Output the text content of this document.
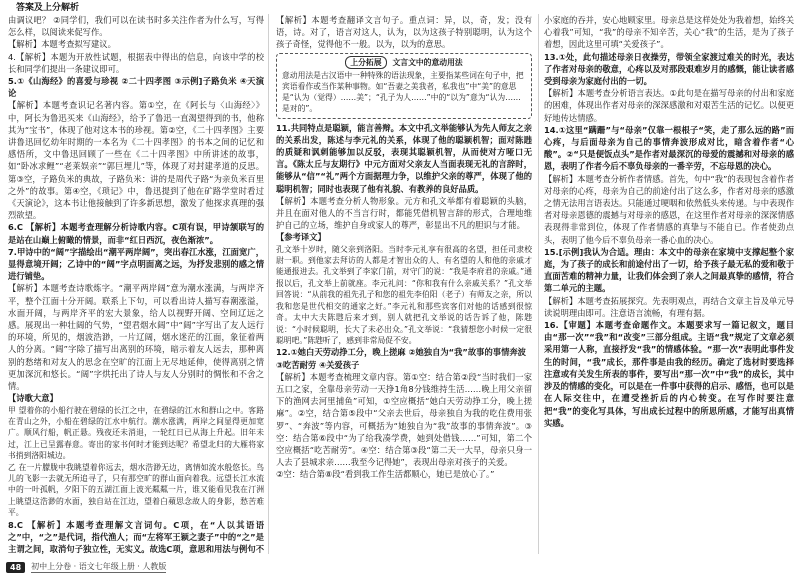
答案及上分解析

由调议吧？ ②同学们，我们可以在读书时多关注作者为什么写，写得怎么样，以阅读来促写作。

【解析】本题考查拟写建议。

4.【解析】本题为开放性试题，根据表中得出的信息，向该中学的校长和同学们提出一条建议即可。

5.①《山海经》的喜爱与珍视 ②二十四孝图 ③示例]子路负米 ④天演论

【解析】本题考查识记名著内容。第①空，在《阿长与〈山海经〉》中，阿长为鲁迅买来《山海经》，给予了鲁迅一直渴望得到的书，他称其为“宝书”，体现了他对这本书的珍视。第②空，《二十四孝图》主要讲鲁迅回忆幼年时期的一本名为《二十四孝图》的书本之间的记忆和感悟所，文中鲁迅回顾了一些在《二十四孝图》中所讲述的故事，如“卧冰求鲤”“老莱娱亲”“郭巨埋儿”等，体现了对封建孝道的反思。第③空，子路负米的典故，子路负米：讲的是周代子路“为亲负米百里之外”的故事。第④空，《琐记》中，鲁迅提到了他在矿路学堂时看过《天演论》，这本书让他接触到了许多新思想，激发了他探求真理的强烈欲望。

6.C 【解析】本题考查理解分析诗歌内容。C项有误，甲诗颔联写的是站在山巅上俯瞰的情景，而非“红日西沉，夜色渐浓”。

7.甲诗中的“阔”字描绘出“潮平两岸阔”，突出春江水涨，江面宽广，显得意境开阔；乙诗中的“阔”字点明面离之远，为抒发悲别的感之情进行铺垫。

【解析】本题考查诗歌炼字。“潮平两岸阔”意为潮水涨满，与两岸齐平，整个江面十分开阔。联系上下句，可以看出诗人描写春潮涨溢，水面开阔，与两岸齐平的宏大景象，给人以视野开阔、空间辽远之感。展现出一种壮阔的气势，“望君烟水阔”中“阔”字写出了友人远行的环境，所见的，烟波浩渺，一片辽阔，烟水迷茫的江面，象征着两人的分离。“阔”字除了描写出离别的环境，暗示着友人远去，那种离别的愁绪和对友人的思念在空旷的江面上无尽地延伸，使得离别之情更加深沉和悠长。“阔”字烘托出了诗人与友人分别时的惆怅和不舍之情。

【诗歌大意】

甲 望着你的小船行驶在碧绿的长江之中，在碧绿的江水和群山之中。客路在青山之外，小船在碧绿的江水中航行。潮水涨满，两岸之间显得更加宽广。顺风行船，帆正悬。残夜还未消退，一轮红日已从海上升起。旧年未过，江上已呈露春意。寄出的家书何时才能到达呢？希望北归的大雁将家书捎到洛阳城边。

乙 在一片朦胧中我眺望着你远去，烟水浩渺无边，离情如流水般悠长。鸟儿的飞影一去就无所追寻了，只有那空旷的群山面向着我。远望长江水流中的一叶孤帆，夕阳下的五湖江面上波光粼粼一片，谁又能看见我在汀洲上眺望这浩渺的水面，独自站在江边，望着白蘋思念故人的身影，愁苦难平。

8.C 【解析】本题考查理解文言词句。C项，在“人以其语语之”中，“之”是代词，指代渔人；而“左将军王颖之妻子”中的“之”是主谓之间，取消句子独立性，无实义。故选C项，意思和用法与例句不

【解析】本题考查翻译文言句子。重点词：异，以，奇，发；没有语，诗。对了，语言对这人，认为，以为这孩子特别聪明，认为这个孩子奇怪，觉得他不一般。以为，以为的意思。

上分拓展 文言文中的意动用法
意动用法是古汉语中一种特殊的语法现象，主要指某些词在句子中，把宾语看作或当作某种事物。如“吾妻之美我者，私我也”中“美”的意思是“认为（觉得）……美”；“孔子为人……”中的“以为”意为“认为……是对的”。

11.共同特点是聪颖，能言善辩。本文中孔文举能够认为先人师友之亲的关系出发，陈述与李元礼的关系，体现了他的聪颖机智；面对陈韪的质疑和讽刺能够加以反驳，表现其聪颖机智，从而使对方哑口无言。《陈太丘与友期行》中元方面对父亲友人当面表现无礼的言辞时，能够从“信”“礼”两个方面据理力争，以维护父亲的尊严，体现了他的聪明机智；同时也表现了他有礼貌、有教养的良好品质。

【解析】本题考查分析人物形象。元方和孔文举都有着聪颖的头脑，并且在面对他人的不当言行时，都能凭借机智言辞的形式，合理地维护自己的立场，维护自身或家人的尊严，彰显出不凡的胆识与才能。

【参考译文】

孔文举十岁时，随父亲到洛阳。当时李元礼享有很高的名望，担任司隶校尉一职。到他家去拜访的人都是才智出众的人、有名望的人和他的亲戚才能通报进去。孔文举到了李家门前，对守门的说：“我是李府君的亲戚。”通报以后，孔文举上前就座。李元礼问：“你和我有什么亲戚关系？”孔文举回答说：“从前我的祖先孔子和您的祖先李伯阳（老子）有师友之亲，所以我和您是世代相交的通家之好。”李元礼和那些宾客们对他的话感到很惊奇。太中大夫陈韪后来才到，别人就把孔文举说的话告诉了他，陈韪说：“小时候聪明，长大了未必出众。”孔文举说：“我猜想您小时候一定很聪明吧。”陈韪听了，感到非常局促不安。

12.①她白天劳动挣工分，晚上搓麻 ②她独自为“我”故事的事情奔波

③吃苦耐劳 ④关爱孩子

【解析】本题考查梳理文章内容。第①空：结合第②段“当时我们一家五口之家，全靠母亲劳动一天挣1角8分钱维持生活……晚上用父亲留下的渔网去河里捕鱼”可知，①空应概括“她白天劳动挣工分，晚上搓麻”。②空，结合第⑤段中“父亲去世后，母亲独自为我的吃住费用张罗”、“奔波”等内容，可概括为“她独自为“我”故事的事情奔波”。③空：结合第⑥段中“为了给我凑学费，她到处借钱……”可知，第二个空应概括“吃苦耐劳”。④空：结合第③段“第二天一大早，母亲只身一人去了县城求亲……我至今记得她”，表现出母亲对孩子的关爱。

②空：结合第⑧段“看到我工作生活都顺心，她已是放心了。”

小家庭的吞并，安心地顾家里。母亲总是这样处处为我着想，始终关心着我”可知，“我”的母亲不知辛苦，关心“我”的生活，是为了孩子着想，因此这里可填“关爱孩子”。

13.①处，此句描述母亲日夜操劳，带领全家渡过难关的时光，表达了作者对母亲的敬意，心疼以及对那段艰难岁月的感慨，能让读者感受到母亲为家庭付出的一切。

【解析】本题考查分析语言表达。①此句是在描写母亲的付出和家庭的困难，体现出作者对母亲的深深感激和对艰苦生活的记忆。以便更好地传达情感。

14.①这里“蹒跚”与“母亲”仅靠一根根子“笑，走了那么远的路”而心疼，与后面母亲为自己的事情奔波形成对比，暗含着作者“心酸”。②“只是便饭点头”是作者对最深沉的母爱的震撼和对母亲的感恩，表明了作者今后不辜负母亲的一番辛劳，不忘母恩的决心。

【解析】本题考查分析作者情感。首先，句中“我”的表现包含着作者对母亲的心疼，母亲为自己的前途付出了这么多，作者对母亲的感激之情无法用言语表达。只能通过哽咽和依然低头来传递。与中表现作者对母亲恩德的震撼与对母亲的感恩，在这里作者对母亲的深深情感表现得非常到位，体现了作者情感的真挚与不能自已。作者使劲点头，表明了他今后不辜负母亲一番心血的决心。

15.[示例]我认为合适。理由：本文中的母亲在家境中支撑起整个家庭，为了孩子的成长和前途付出了一切，给予孩子最无私的爱和敬于直面苦难的精神力量，让我们体会到了亲人之间最真挚的感情，符合第二单元的主题。

【解析】本题考查拓展探究。先表明观点，再结合文章主旨及单元导读说明理由即可。注意语言流畅，有理有据。

16.【审题】本题考查命题作文。本题要求写一篇记叙文，题目由“那一次”“我”和“改变”三部分组成。主语“我”规定了文章必须采用第一人称，直接抒发“我”的情感体验。“那一次”表明此事件发生的时间，“我”成长，那件事是由我的经历。确定了选材时要选择注意或有关发生所表的事件，要写出“那一次”中“我”的成长，其中涉及的情感的变化，可以是在一件事中获得的启示、感悟，也可以是在人际交往中，在遭受挫折后的内心转变。在写作时要注意把“我”的变化写具体，写出成长过程中的所思所感，才能写出真情实感。

48	初中上分卷 · 语文七年级上册 · 人教版
